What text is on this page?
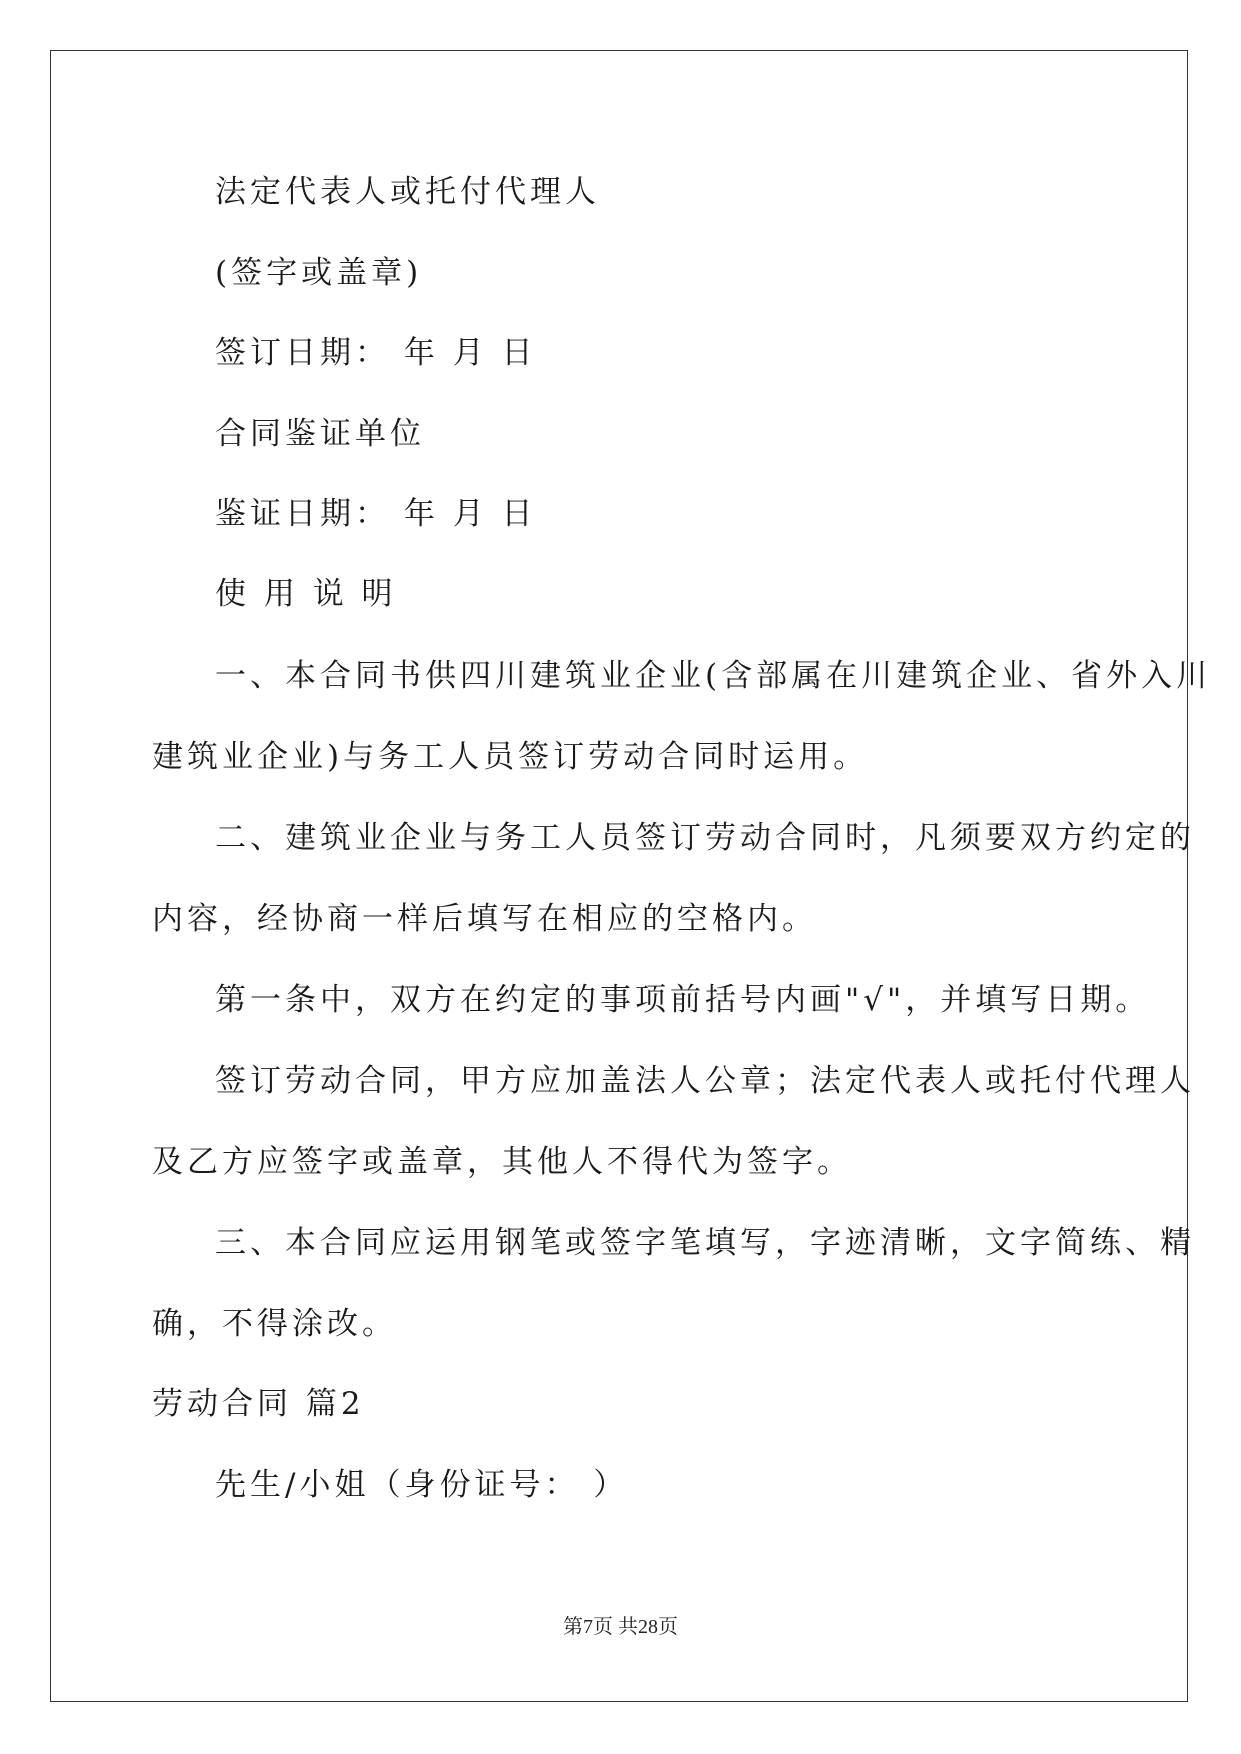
法定代表人或托付代理人
(签字或盖章)
签订日期： 年 月 日
合同鉴证单位
鉴证日期： 年 月 日
使 用 说 明
一、本合同书供四川建筑业企业(含部属在川建筑企业、省外入川
建筑业企业)与务工人员签订劳动合同时运用。
二、建筑业企业与务工人员签订劳动合同时，凡须要双方约定的
内容，经协商一样后填写在相应的空格内。
第一条中，双方在约定的事项前括号内画"√"，并填写日期。
签订劳动合同，甲方应加盖法人公章；法定代表人或托付代理人
及乙方应签字或盖章，其他人不得代为签字。
三、本合同应运用钢笔或签字笔填写，字迹清晰，文字简练、精
确，不得涂改。
劳动合同 篇2
先生/小姐（身份证号： ）
第7页 共28页
